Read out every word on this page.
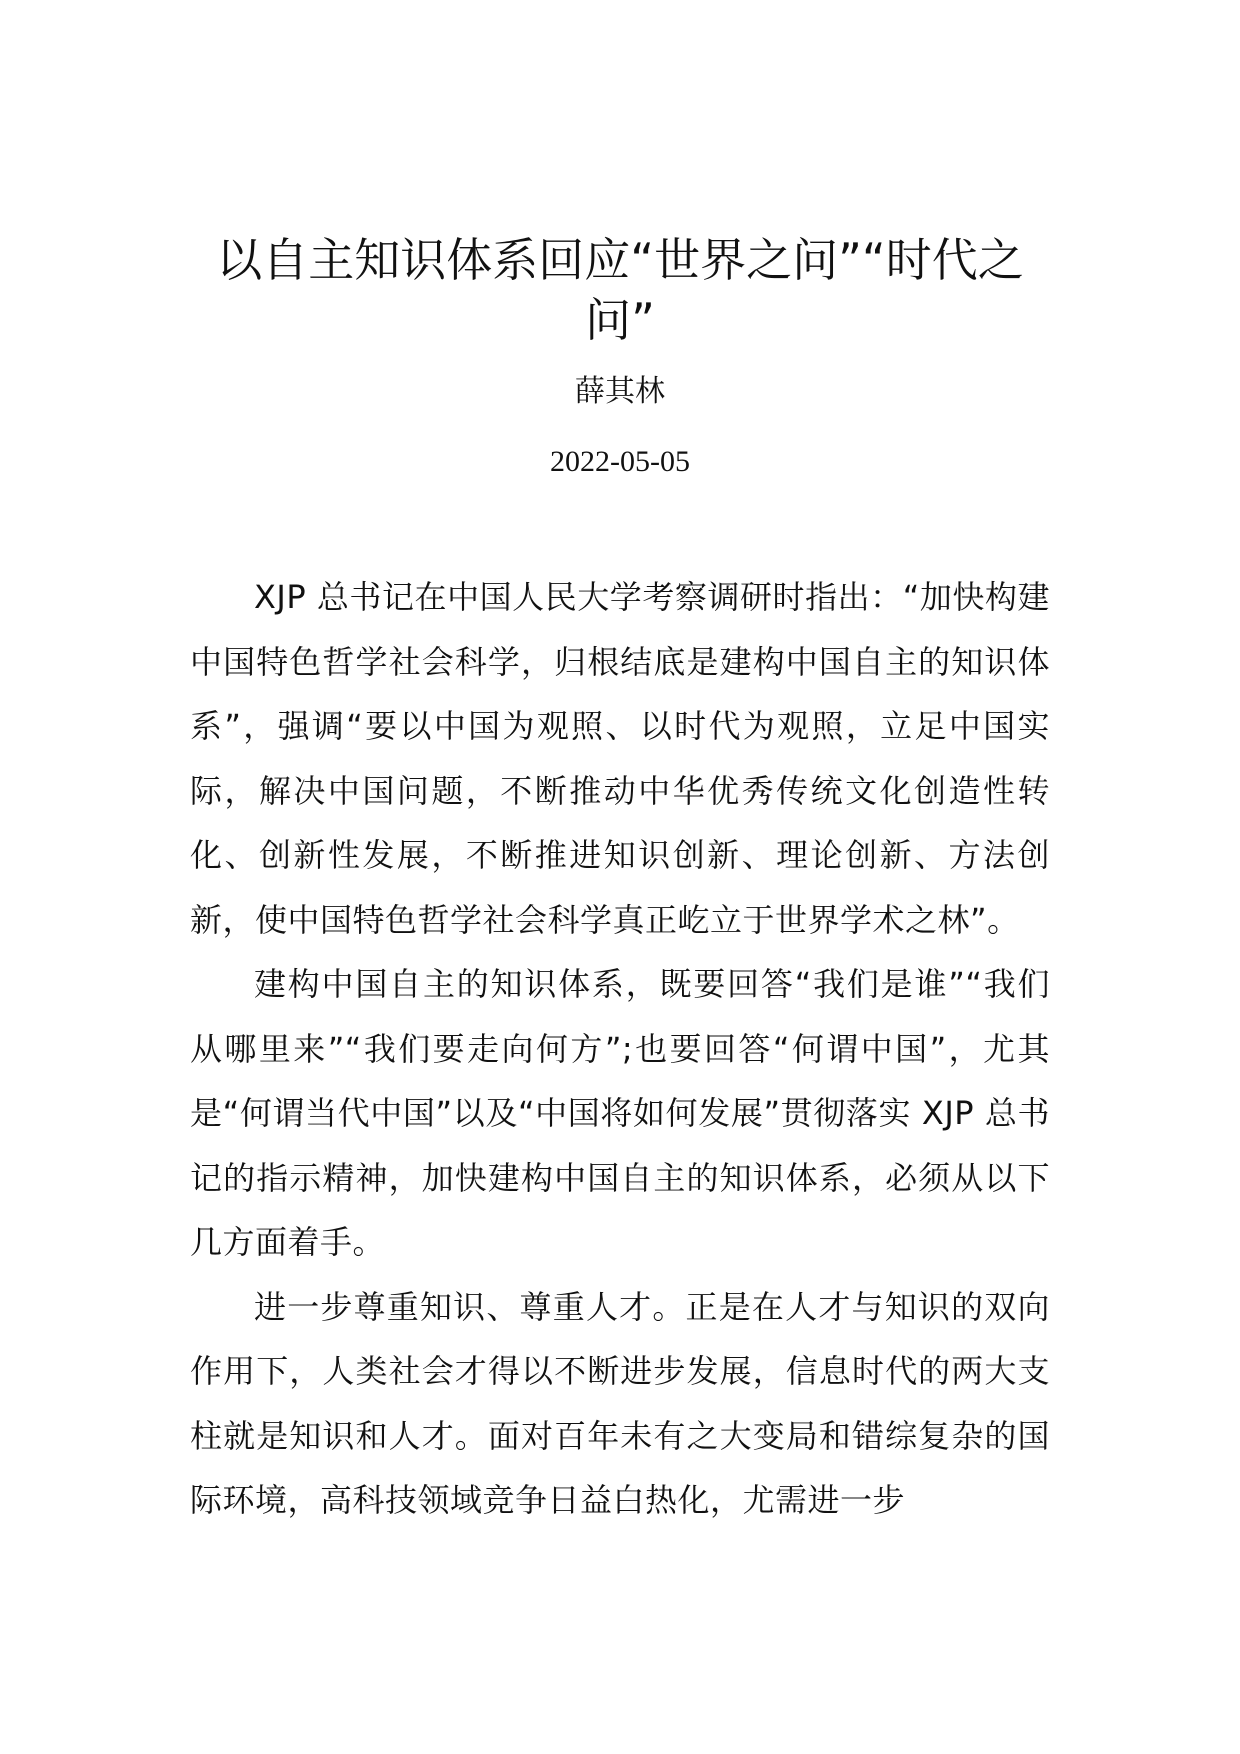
以自主知识体系回应“世界之问”“时代之问”
薛其林
2022-05-05

XJP 总书记在中国人民大学考察调研时指出：“加快构建中国特色哲学社会科学，归根结底是建构中国自主的知识体系”，强调“要以中国为观照、以时代为观照，立足中国实际，解决中国问题，不断推动中华优秀传统文化创造性转化、创新性发展，不断推进知识创新、理论创新、方法创新，使中国特色哲学社会科学真正屹立于世界学术之林”。

建构中国自主的知识体系，既要回答“我们是谁”“我们从哪里来”“我们要走向何方”;也要回答“何谓中国”，尤其是“何谓当代中国”以及“中国将如何发展”贯彻落实 XJP 总书记的指示精神，加快建构中国自主的知识体系，必须从以下几方面着手。

进一步尊重知识、尊重人才。正是在人才与知识的双向作用下，人类社会才得以不断进步发展，信息时代的两大支柱就是知识和人才。面对百年未有之大变局和错综复杂的国际环境，高科技领域竞争日益白热化，尤需进一步
